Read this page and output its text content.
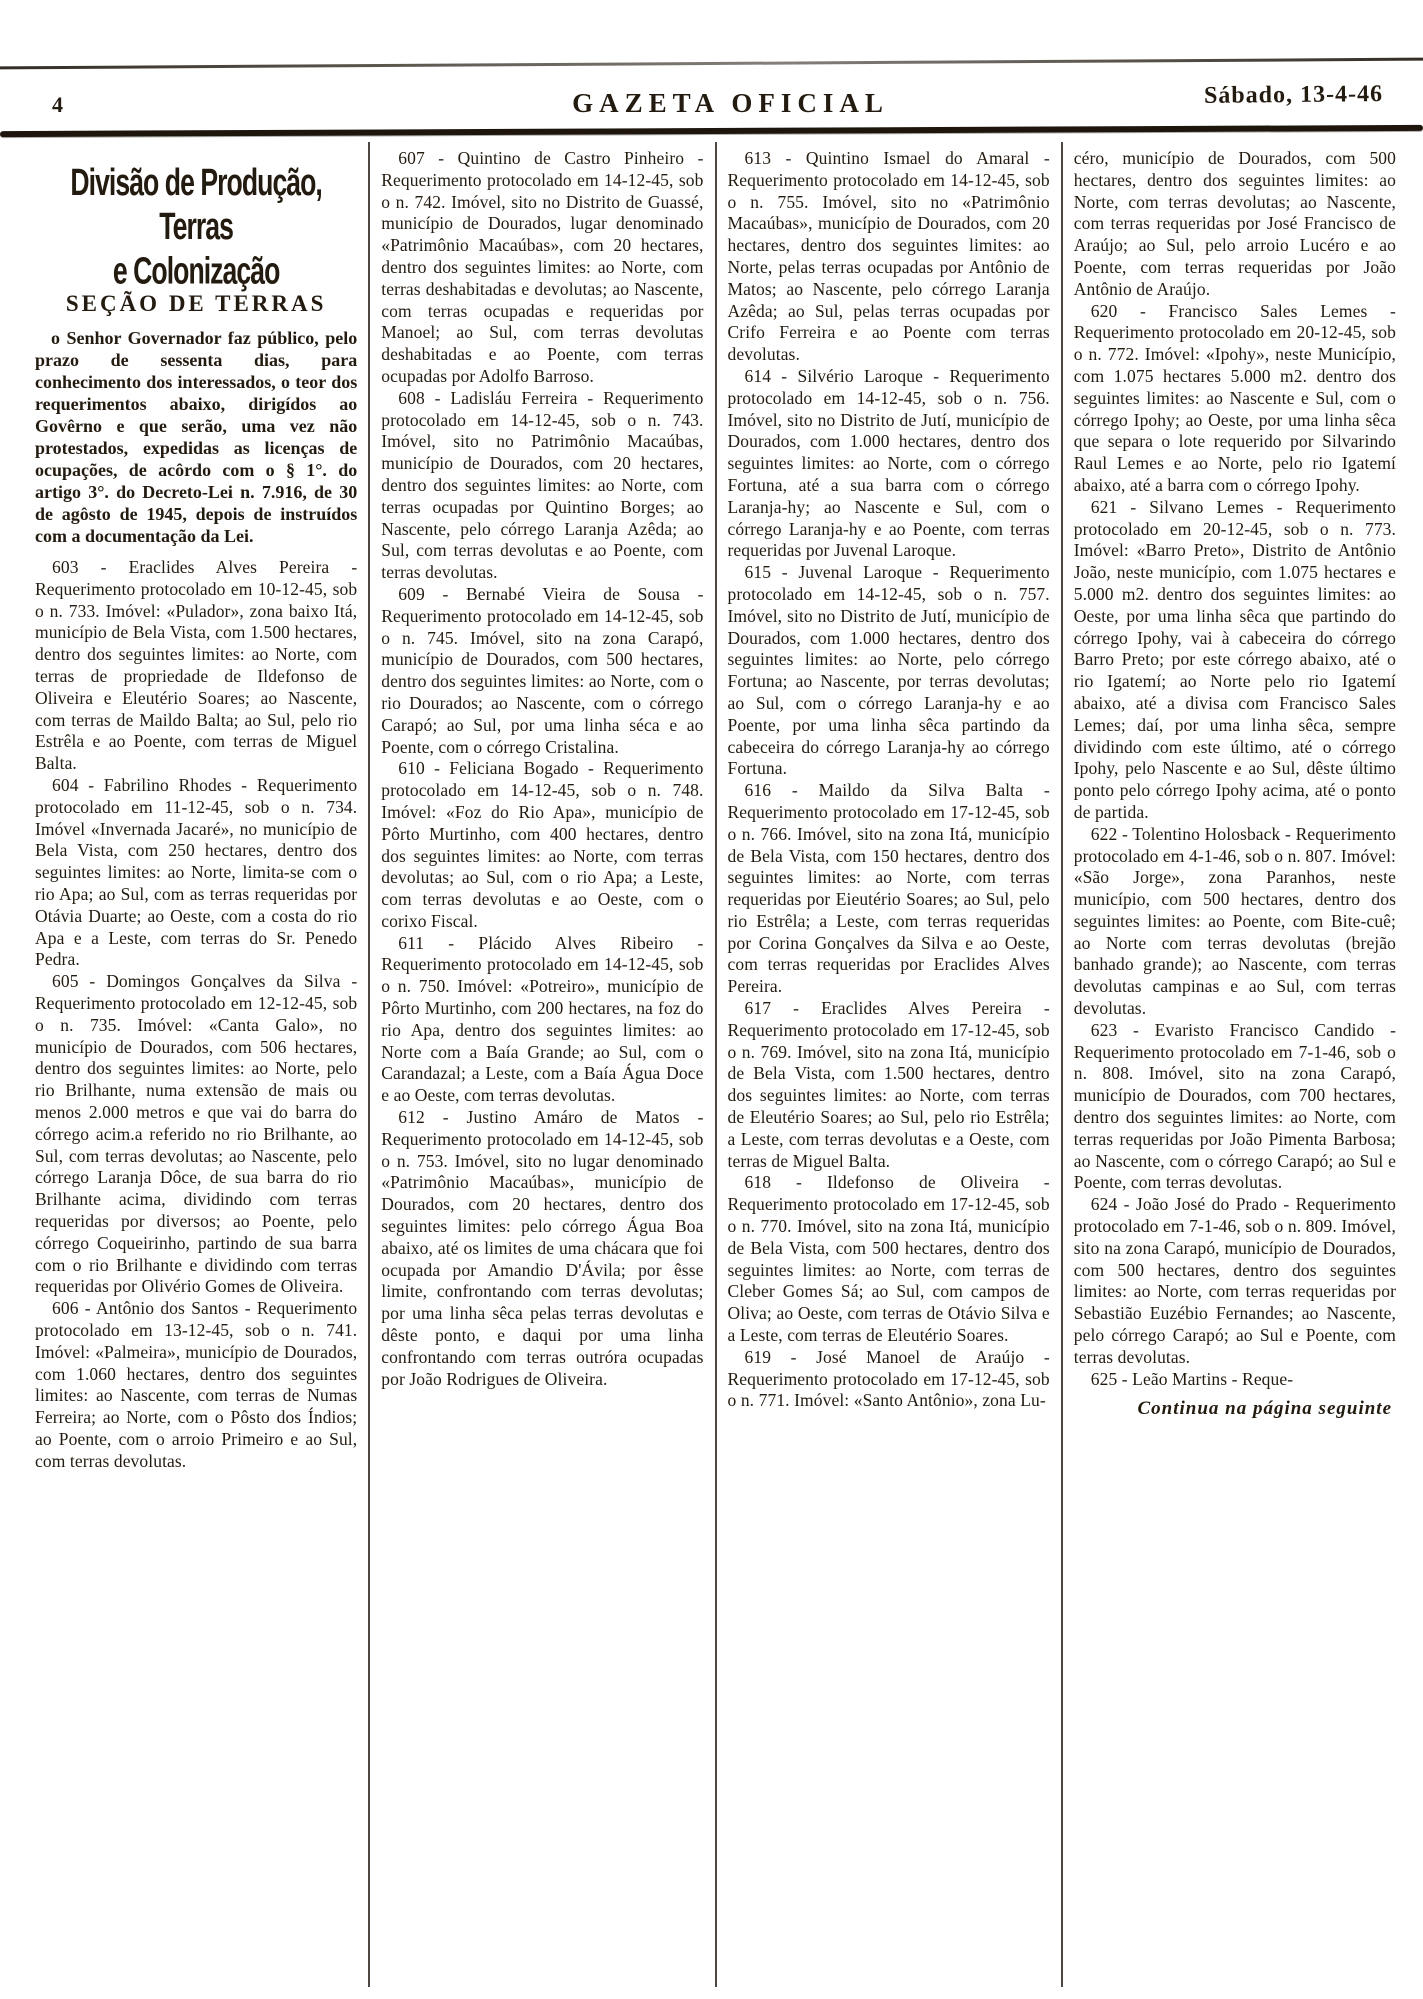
4	GAZETA OFICIAL	Sábado, 13-4-46
Divisão de Produção, Terras
e Colonização
SEÇÃO DE TERRAS

o Senhor Governador faz público, pelo prazo de sessenta dias, para conhecimento dos interessados, o teor dos requerimentos abaixo, dirigídos ao Govêrno e que serão, uma vez não protestados, expedidas as licenças de ocupações, de acôrdo com o § 1°. do artigo 3°. do Decreto-Lei n. 7.916, de 30 de agôsto de 1945, depois de instruídos com a documentação da Lei.

603 - Eraclides Alves Pereira - Requerimento protocolado em 10-12-45, sob o n. 733. Imóvel: «Pulador», zona baixo Itá, município de Bela Vista, com 1.500 hectares, dentro dos seguintes limites: ao Norte, com terras de propriedade de Ildefonso de Oliveira e Eleutério Soares; ao Nascente, com terras de Maildo Balta; ao Sul, pelo rio Estrêla e ao Poente, com terras de Miguel Balta.

604 - Fabrilino Rhodes - Requerimento protocolado em 11-12-45, sob o n. 734. Imóvel «Invernada Jacaré», no município de Bela Vista, com 250 hectares, dentro dos seguintes limites: ao Norte, limita-se com o rio Apa; ao Sul, com as terras requeridas por Otávia Duarte; ao Oeste, com a costa do rio Apa e a Leste, com terras do Sr. Penedo Pedra.

605 - Domingos Gonçalves da Silva - Requerimento protocolado em 12-12-45, sob o n. 735. Imóvel: «Canta Galo», no município de Dourados, com 506 hectares, dentro dos seguintes limites: ao Norte, pelo rio Brilhante, numa extensão de mais ou menos 2.000 metros e que vai do barra do córrego acim.a referido no rio Brilhante, ao Sul, com terras devolutas; ao Nascente, pelo córrego Laranja Dôce, de sua barra do rio Brilhante acima, dividindo com terras requeridas por diversos; ao Poente, pelo córrego Coqueirinho, partindo de sua barra com o rio Brilhante e dividindo com terras requeridas por Olivério Gomes de Oliveira.

606 - Antônio dos Santos - Requerimento protocolado em 13-12-45, sob o n. 741. Imóvel: «Palmeira», município de Dourados, com 1.060 hectares, dentro dos seguintes limites: ao Nascente, com terras de Numas Ferreira; ao Norte, com o Pôsto dos Índios; ao Poente, com o arroio Primeiro e ao Sul, com terras devolutas.

607 - Quintino de Castro Pinheiro - Requerimento protocolado em 14-12-45, sob o n. 742. Imóvel, sito no Distrito de Guassé, município de Dourados, lugar denominado «Patrimônio Macaúbas», com 20 hectares, dentro dos seguintes limites: ao Norte, com terras deshabitadas e devolutas; ao Nascente, com terras ocupadas e requeridas por Manoel; ao Sul, com terras devolutas deshabitadas e ao Poente, com terras ocupadas por Adolfo Barroso.

608 - Ladisláu Ferreira - Requerimento protocolado em 14-12-45, sob o n. 743. Imóvel, sito no Patrimônio Macaúbas, município de Dourados, com 20 hectares, dentro dos seguintes limites: ao Norte, com terras ocupadas por Quintino Borges; ao Nascente, pelo córrego Laranja Azêda; ao Sul, com terras devolutas e ao Poente, com terras devolutas.

609 - Bernabé Vieira de Sousa - Requerimento protocolado em 14-12-45, sob o n. 745. Imóvel, sito na zona Carapó, município de Dourados, com 500 hectares, dentro dos seguintes limites: ao Norte, com o rio Dourados; ao Nascente, com o córrego Carapó; ao Sul, por uma linha séca e ao Poente, com o córrego Cristalina.

610 - Feliciana Bogado - Requerimento protocolado em 14-12-45, sob o n. 748. Imóvel: «Foz do Rio Apa», município de Pôrto Murtinho, com 400 hectares, dentro dos seguintes limites: ao Norte, com terras devolutas; ao Sul, com o rio Apa; a Leste, com terras devolutas e ao Oeste, com o corixo Fiscal.

611 - Plácido Alves Ribeiro - Requerimento protocolado em 14-12-45, sob o n. 750. Imóvel: «Potreiro», município de Pôrto Murtinho, com 200 hectares, na foz do rio Apa, dentro dos seguintes limites: ao Norte com a Baía Grande; ao Sul, com o Carandazal; a Leste, com a Baía Água Doce e ao Oeste, com terras devolutas.

612 - Justino Amáro de Matos - Requerimento protocolado em 14-12-45, sob o n. 753. Imóvel, sito no lugar denominado «Patrimônio Macaúbas», município de Dourados, com 20 hectares, dentro dos seguintes limites: pelo córrego Água Boa abaixo, até os limites de uma chácara que foi ocupada por Amandio D'Ávila; por êsse limite, confrontando com terras devolutas; por uma linha sêca pelas terras devolutas e dêste ponto, e daqui por uma linha confrontando com terras outróra ocupadas por João Rodrigues de Oliveira.

613 - Quintino Ismael do Amaral - Requerimento protocolado em 14-12-45, sob o n. 755. Imóvel, sito no «Patrimônio Macaúbas», município de Dourados, com 20 hectares, dentro dos seguintes limites: ao Norte, pelas terras ocupadas por Antônio de Matos; ao Nascente, pelo córrego Laranja Azêda; ao Sul, pelas terras ocupadas por Crifo Ferreira e ao Poente com terras devolutas.

614 - Silvério Laroque - Requerimento protocolado em 14-12-45, sob o n. 756. Imóvel, sito no Distrito de Jutí, município de Dourados, com 1.000 hectares, dentro dos seguintes limites: ao Norte, com o córrego Fortuna, até a sua barra com o córrego Laranja-hy; ao Nascente e Sul, com o córrego Laranja-hy e ao Poente, com terras requeridas por Juvenal Laroque.

615 - Juvenal Laroque - Requerimento protocolado em 14-12-45, sob o n. 757. Imóvel, sito no Distrito de Jutí, município de Dourados, com 1.000 hectares, dentro dos seguintes limites: ao Norte, pelo córrego Fortuna; ao Nascente, por terras devolutas; ao Sul, com o córrego Laranja-hy e ao Poente, por uma linha sêca partindo da cabeceira do córrego Laranja-hy ao córrego Fortuna.

616 - Maildo da Silva Balta - Requerimento protocolado em 17-12-45, sob o n. 766. Imóvel, sito na zona Itá, município de Bela Vista, com 150 hectares, dentro dos seguintes limites: ao Norte, com terras requeridas por Eieutério Soares; ao Sul, pelo rio Estrêla; a Leste, com terras requeridas por Corina Gonçalves da Silva e ao Oeste, com terras requeridas por Eraclides Alves Pereira.

617 - Eraclides Alves Pereira - Requerimento protocolado em 17-12-45, sob o n. 769. Imóvel, sito na zona Itá, município de Bela Vista, com 1.500 hectares, dentro dos seguintes limites: ao Norte, com terras de Eleutério Soares; ao Sul, pelo rio Estrêla; a Leste, com terras devolutas e a Oeste, com terras de Miguel Balta.

618 - Ildefonso de Oliveira - Requerimento protocolado em 17-12-45, sob o n. 770. Imóvel, sito na zona Itá, município de Bela Vista, com 500 hectares, dentro dos seguintes limites: ao Norte, com terras de Cleber Gomes Sá; ao Sul, com campos de Oliva; ao Oeste, com terras de Otávio Silva e a Leste, com terras de Eleutério Soares.

619 - José Manoel de Araújo - Requerimento protocolado em 17-12-45, sob o n. 771. Imóvel: «Santo Antônio», zona Lu-

céro, município de Dourados, com 500 hectares, dentro dos seguintes limites: ao Norte, com terras devolutas; ao Nascente, com terras requeridas por José Francisco de Araújo; ao Sul, pelo arroio Lucéro e ao Poente, com terras requeridas por João Antônio de Araújo.

620 - Francisco Sales Lemes - Requerimento protocolado em 20-12-45, sob o n. 772. Imóvel: «Ipohy», neste Município, com 1.075 hectares 5.000 m2. dentro dos seguintes limites: ao Nascente e Sul, com o córrego Ipohy; ao Oeste, por uma linha sêca que separa o lote requerido por Silvarindo Raul Lemes e ao Norte, pelo rio Igatemí abaixo, até a barra com o córrego Ipohy.

621 - Silvano Lemes - Requerimento protocolado em 20-12-45, sob o n. 773. Imóvel: «Barro Preto», Distrito de Antônio João, neste município, com 1.075 hectares e 5.000 m2. dentro dos seguintes limites: ao Oeste, por uma linha sêca que partindo do córrego Ipohy, vai à cabeceira do córrego Barro Preto; por este córrego abaixo, até o rio Igatemí; ao Norte pelo rio Igatemí abaixo, até a divisa com Francisco Sales Lemes; daí, por uma linha sêca, sempre dividindo com este último, até o córrego Ipohy, pelo Nascente e ao Sul, dêste último ponto pelo córrego Ipohy acima, até o ponto de partida.

622 - Tolentino Holosback - Requerimento protocolado em 4-1-46, sob o n. 807. Imóvel: «São Jorge», zona Paranhos, neste município, com 500 hectares, dentro dos seguintes limites: ao Poente, com Bite-cuê; ao Norte com terras devolutas (brejão banhado grande); ao Nascente, com terras devolutas campinas e ao Sul, com terras devolutas.

623 - Evaristo Francisco Candido - Requerimento protocolado em 7-1-46, sob o n. 808. Imóvel, sito na zona Carapó, município de Dourados, com 700 hectares, dentro dos seguintes limites: ao Norte, com terras requeridas por João Pimenta Barbosa; ao Nascente, com o córrego Carapó; ao Sul e Poente, com terras devolutas.

624 - João José do Prado - Requerimento protocolado em 7-1-46, sob o n. 809. Imóvel, sito na zona Carapó, município de Dourados, com 500 hectares, dentro dos seguintes limites: ao Norte, com terras requeridas por Sebastião Euzébio Fernandes; ao Nascente, pelo córrego Carapó; ao Sul e Poente, com terras devolutas.

625 - Leão Martins - Reque-

Continua na página seguinte
